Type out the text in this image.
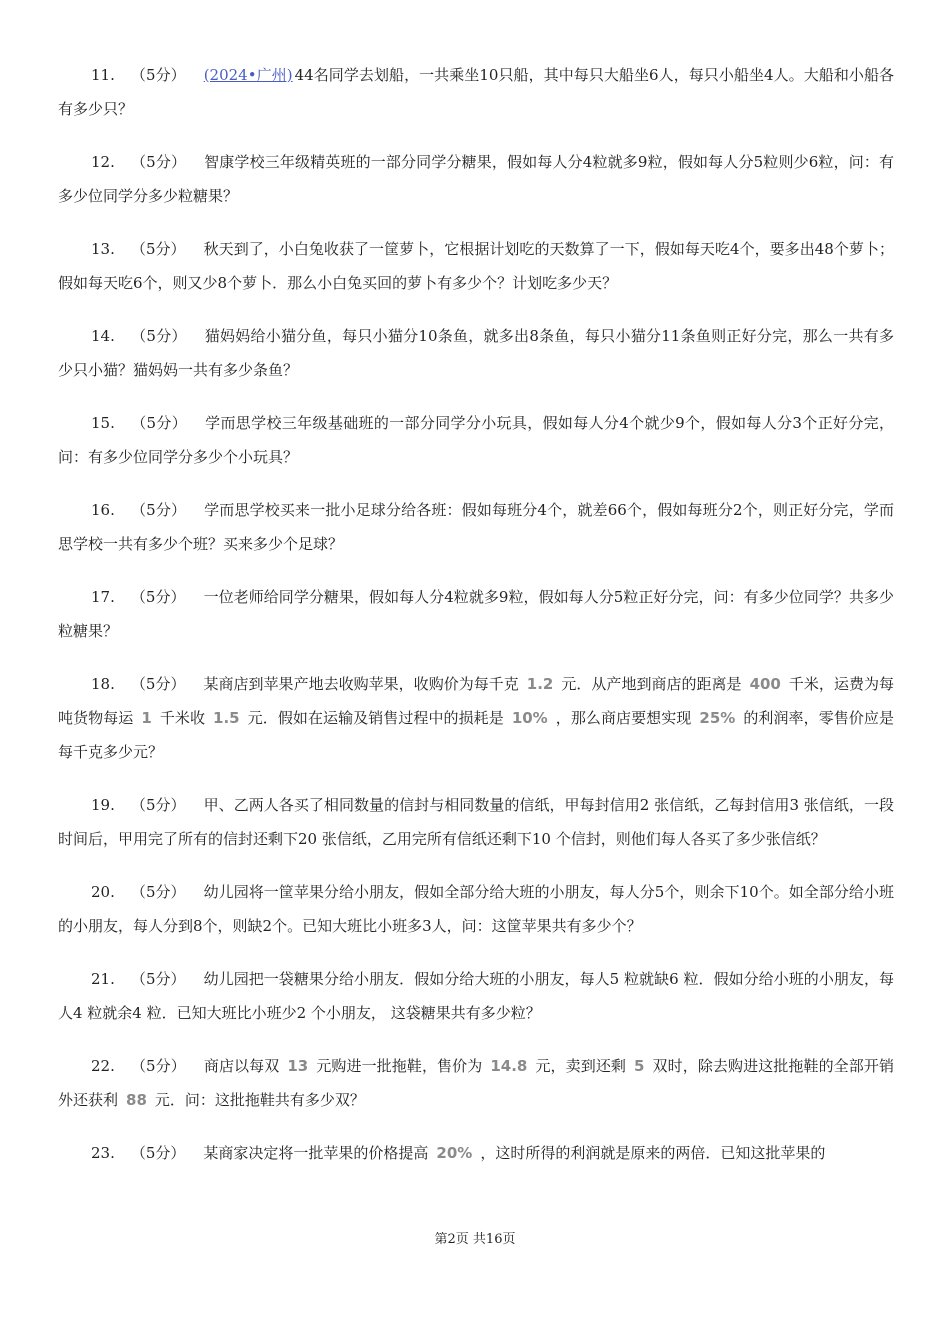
11. （5分） (2024•广州) 44名同学去划船，一共乘坐10只船，其中每只大船坐6人，每只小船坐4人。大船和小船各有多少只？
12. （5分） 智康学校三年级精英班的一部分同学分糖果，假如每人分4粒就多9粒，假如每人分5粒则少6粒，问：有多少位同学分多少粒糖果？
13. （5分） 秋天到了，小白兔收获了一筐萝卜，它根据计划吃的天数算了一下，假如每天吃4个，要多出48个萝卜；假如每天吃6个，则又少8个萝卜．那么小白兔买回的萝卜有多少个？计划吃多少天？
14. （5分） 猫妈妈给小猫分鱼，每只小猫分10条鱼，就多出8条鱼，每只小猫分11条鱼则正好分完，那么一共有多少只小猫？猫妈妈一共有多少条鱼？
15. （5分） 学而思学校三年级基础班的一部分同学分小玩具，假如每人分4个就少9个，假如每人分3个正好分完，问：有多少位同学分多少个小玩具？
16. （5分） 学而思学校买来一批小足球分给各班：假如每班分4个，就差66个，假如每班分2个，则正好分完，学而思学校一共有多少个班？买来多少个足球？
17. （5分） 一位老师给同学分糖果，假如每人分4粒就多9粒，假如每人分5粒正好分完，问：有多少位同学？共多少粒糖果？
18. （5分） 某商店到苹果产地去收购苹果，收购价为每千克 1.2 元．从产地到商店的距离是 400 千米，运费为每吨货物每运 1 千米收 1.5 元．假如在运输及销售过程中的损耗是 10% ，那么商店要想实现 25% 的利润率，零售价应是每千克多少元？
19. （5分） 甲、乙两人各买了相同数量的信封与相同数量的信纸，甲每封信用2 张信纸，乙每封信用3 张信纸，一段时间后，甲用完了所有的信封还剩下20 张信纸，乙用完所有信纸还剩下10 个信封，则他们每人各买了多少张信纸？
20. （5分） 幼儿园将一筐苹果分给小朋友，假如全部分给大班的小朋友，每人分5个，则余下10个。如全部分给小班的小朋友，每人分到8个，则缺2个。已知大班比小班多3人，问：这筐苹果共有多少个？
21. （5分） 幼儿园把一袋糖果分给小朋友．假如分给大班的小朋友，每人5 粒就缺6 粒．假如分给小班的小朋友，每人4 粒就余4 粒．已知大班比小班少2 个小朋友， 这袋糖果共有多少粒？
22. （5分） 商店以每双 13 元购进一批拖鞋，售价为 14.8 元，卖到还剩 5 双时，除去购进这批拖鞋的全部开销外还获利 88 元．问：这批拖鞋共有多少双？
23. （5分） 某商家决定将一批苹果的价格提高 20% ，这时所得的利润就是原来的两倍．已知这批苹果的
第2页 共16页
